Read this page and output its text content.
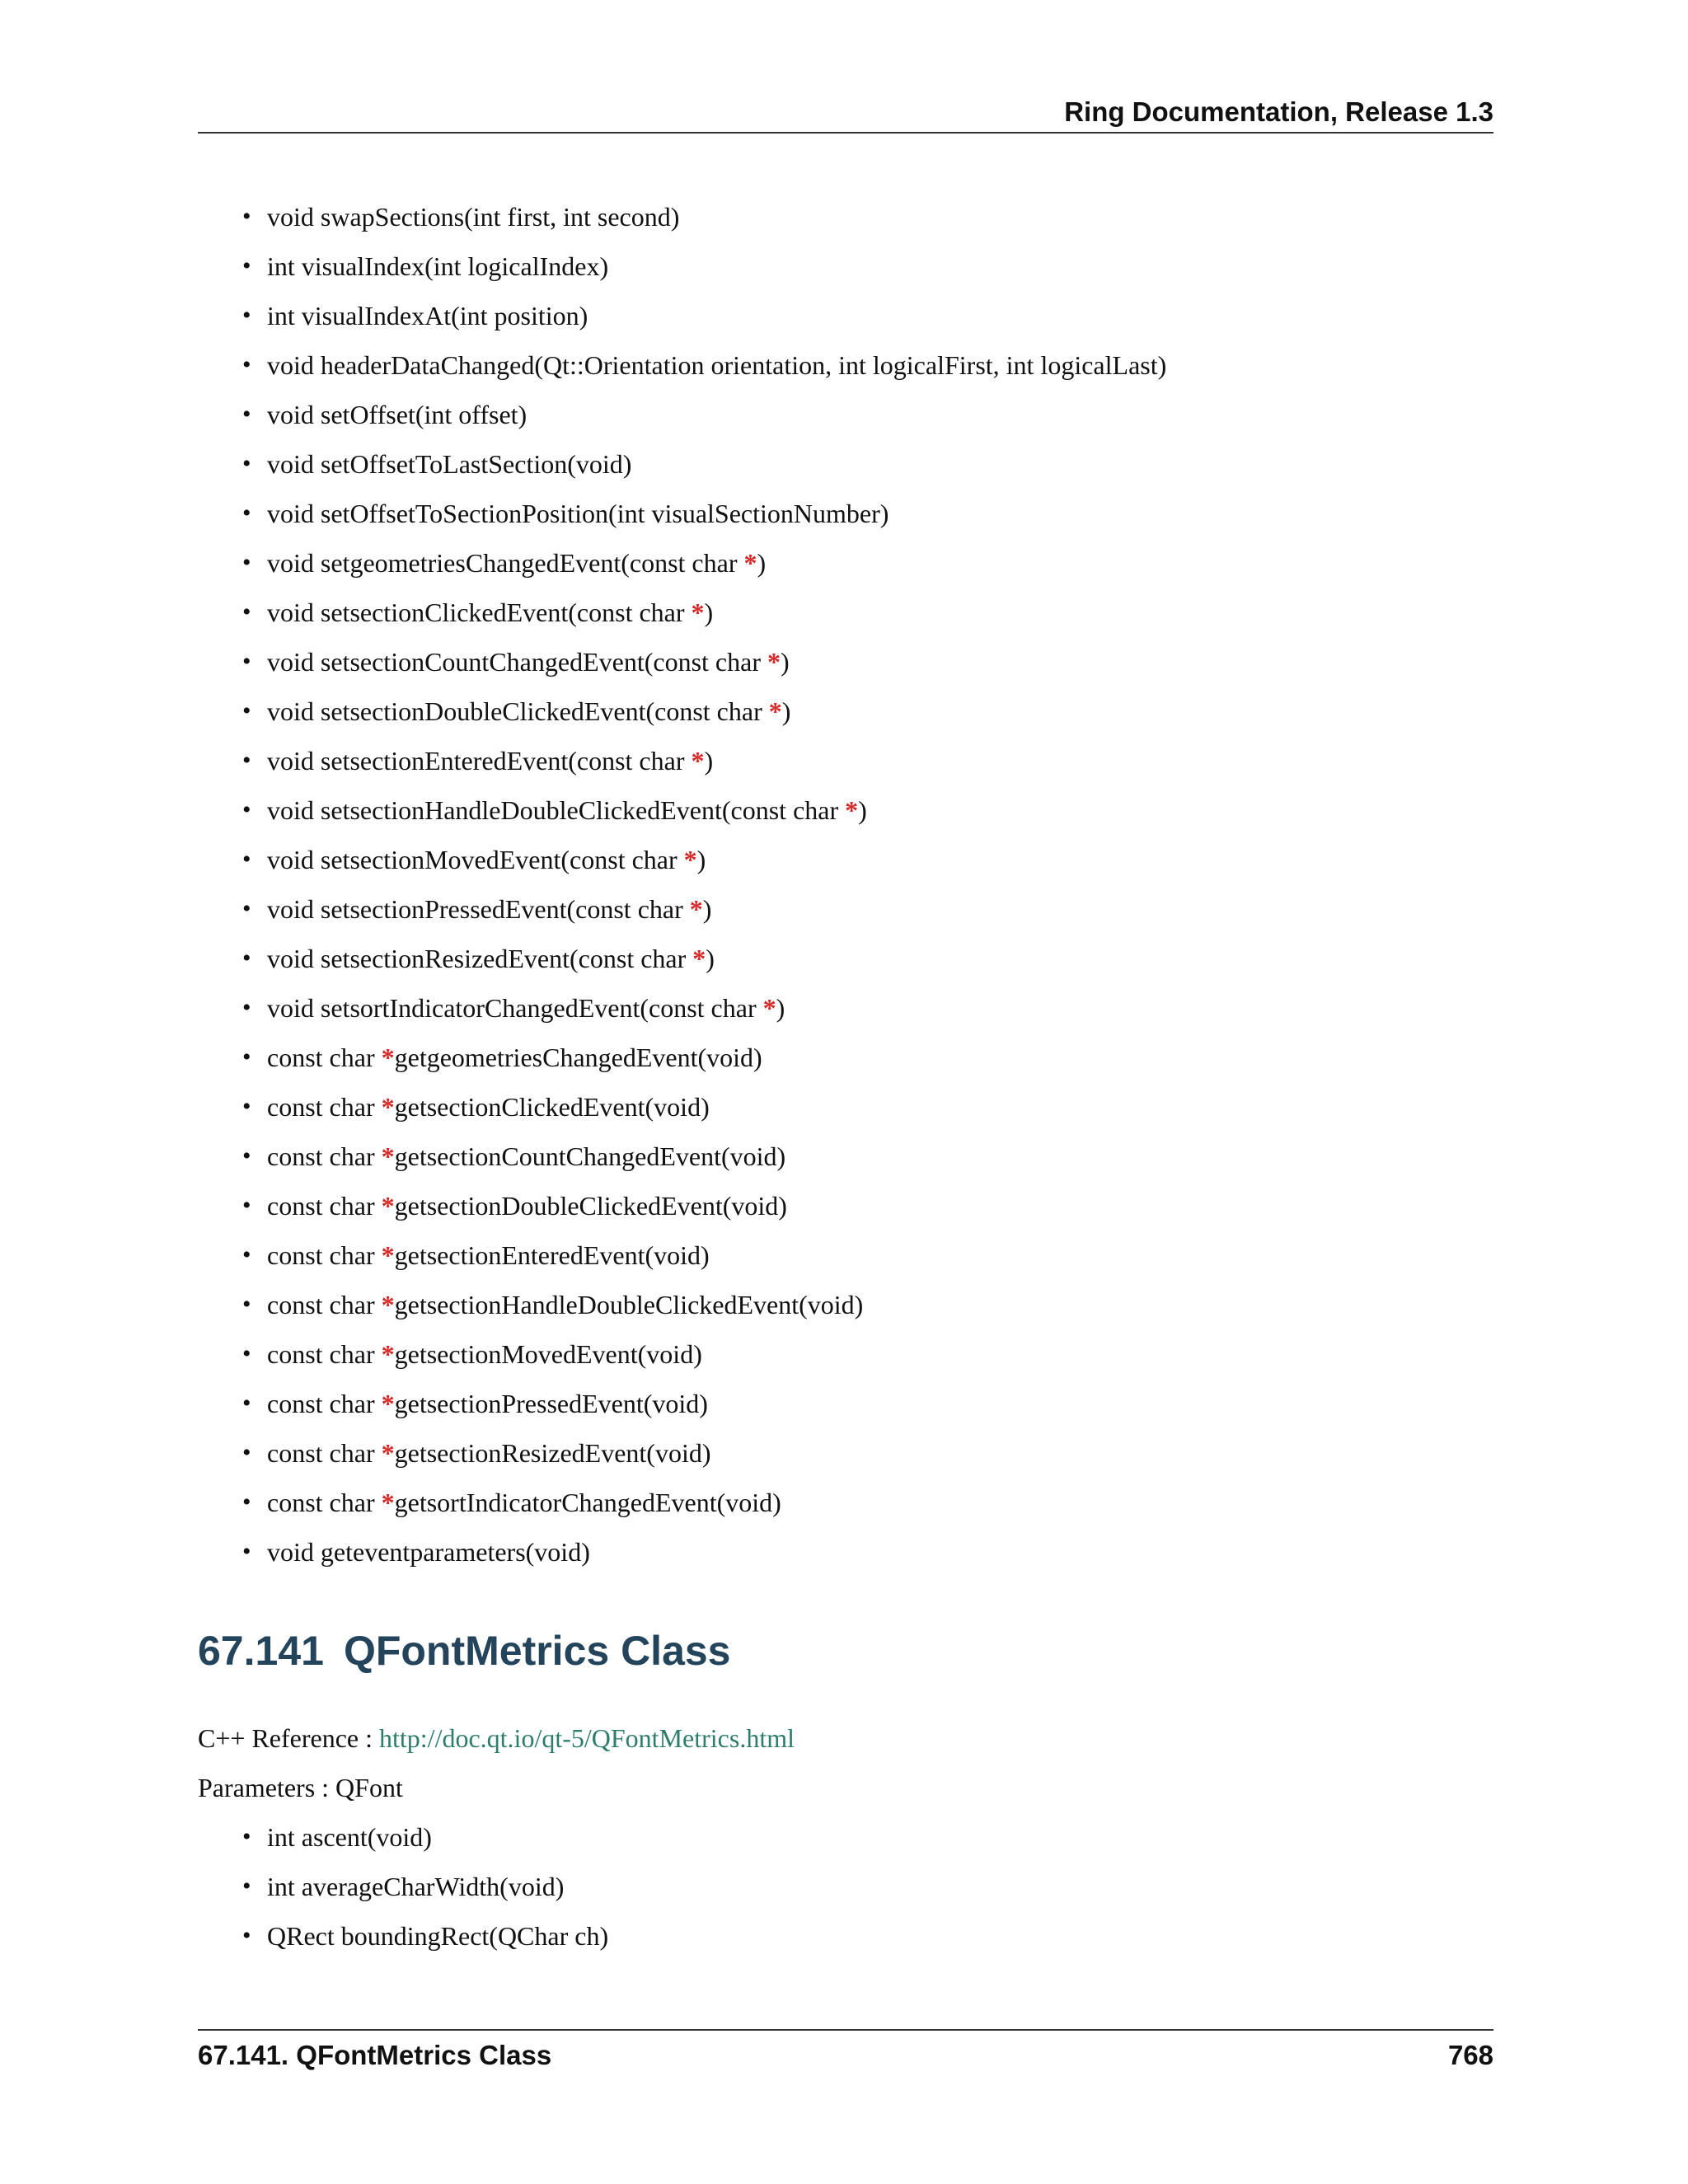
Ring Documentation, Release 1.3
• void swapSections(int first, int second)
• int visualIndex(int logicalIndex)
• int visualIndexAt(int position)
• void headerDataChanged(Qt::Orientation orientation, int logicalFirst, int logicalLast)
• void setOffset(int offset)
• void setOffsetToLastSection(void)
• void setOffsetToSectionPosition(int visualSectionNumber)
• void setgeometriesChangedEvent(const char *)
• void setsectionClickedEvent(const char *)
• void setsectionCountChangedEvent(const char *)
• void setsectionDoubleClickedEvent(const char *)
• void setsectionEnteredEvent(const char *)
• void setsectionHandleDoubleClickedEvent(const char *)
• void setsectionMovedEvent(const char *)
• void setsectionPressedEvent(const char *)
• void setsectionResizedEvent(const char *)
• void setsortIndicatorChangedEvent(const char *)
• const char *getgeometriesChangedEvent(void)
• const char *getsectionClickedEvent(void)
• const char *getsectionCountChangedEvent(void)
• const char *getsectionDoubleClickedEvent(void)
• const char *getsectionEnteredEvent(void)
• const char *getsectionHandleDoubleClickedEvent(void)
• const char *getsectionMovedEvent(void)
• const char *getsectionPressedEvent(void)
• const char *getsectionResizedEvent(void)
• const char *getsortIndicatorChangedEvent(void)
• void geteventparameters(void)
67.141 QFontMetrics Class
C++ Reference : http://doc.qt.io/qt-5/QFontMetrics.html
Parameters : QFont
• int ascent(void)
• int averageCharWidth(void)
• QRect boundingRect(QChar ch)
67.141. QFontMetrics Class	768
